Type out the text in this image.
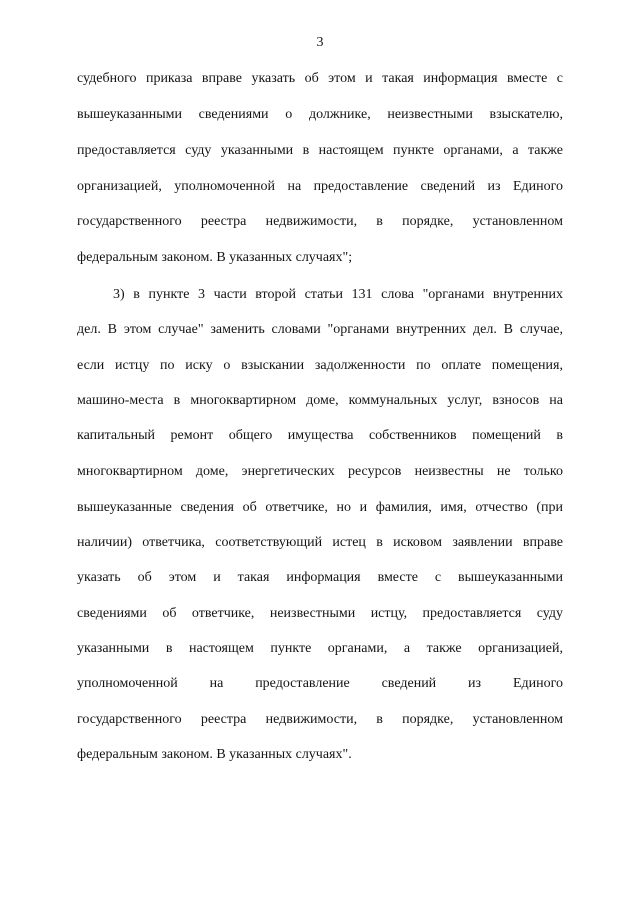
3
судебного приказа вправе указать об этом и такая информация вместе с
вышеуказанными сведениями о должнике, неизвестными взыскателю,
предоставляется суду указанными в настоящем пункте органами, а также
организацией, уполномоченной на предоставление сведений из Единого
государственного реестра недвижимости, в порядке, установленном
федеральным законом. В указанных случаях";
3) в пункте 3 части второй статьи 131 слова "органами внутренних
дел. В этом случае" заменить словами "органами внутренних дел. В случае,
если истцу по иску о взыскании задолженности по оплате помещения,
машино-места в многоквартирном доме, коммунальных услуг, взносов на
капитальный ремонт общего имущества собственников помещений в
многоквартирном доме, энергетических ресурсов неизвестны не только
вышеуказанные сведения об ответчике, но и фамилия, имя, отчество (при
наличии) ответчика, соответствующий истец в исковом заявлении вправе
указать об этом и такая информация вместе с вышеуказанными
сведениями об ответчике, неизвестными истцу, предоставляется суду
указанными в настоящем пункте органами, а также организацией,
уполномоченной на предоставление сведений из Единого
государственного реестра недвижимости, в порядке, установленном
федеральным законом. В указанных случаях".
